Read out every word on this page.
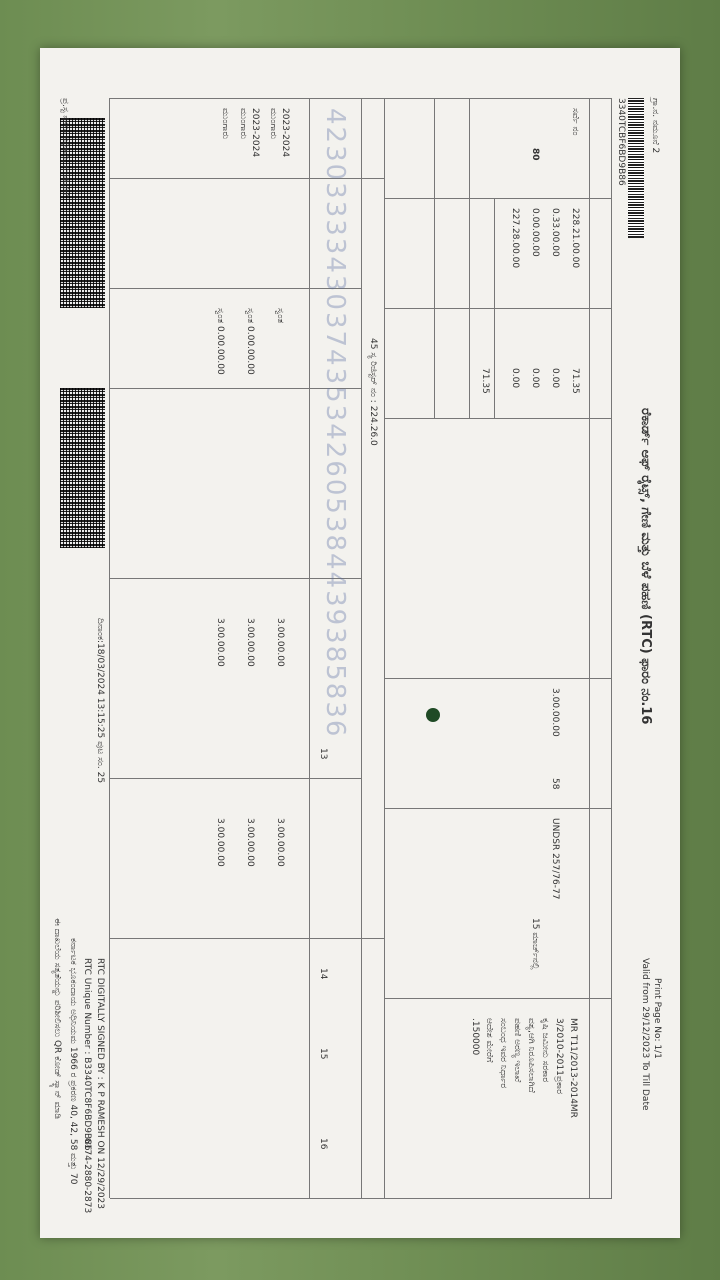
ಗ್ರಾ.ನ. ನಮೂನೆ 2
3340TCBF6BD9B86
ರೆಕಾರ್ಡ್ ಆಫ್ ರೈಟ್ಸ್, ಗೇಣಿ ಮತ್ತು ಬೆಳೆ ಪಹಣಿ (RTC) ಫಾರಂ ನಂ.16
Print Page No: 1/1
Valid from 29/12/2023 To Till Date
ಸರ್ವೆ ನಂ
80
228.21.00.00
0.33.00.00
0.00.00.00
227.28.00.00
71.35
0.00
0.00
0.00
71.35
3.00.00.00
58
UNDSR 257/76-77
15 ಮಾರ್ಚ್‌ನಲ್ಲಿ
MR T11/2013-2014MR
3/2010-2011ಪ್ರಕಾರ
ಕೃಷಿ ಜಮೀನು ಸರಕಾರ
ವಶ್ಯ,ಆಗಿ ನಿರೂಪಿಸಲಾಗಿದೆ
ಪಹಣಿ ಅರಣ್ಯ ಇಲಾಖೆ
ಸಂಬಂಧ ಇವರ ನಿರ್ಧಾರ
ಆದೇಶ ಮೇರೆಗೆ
.150000
45 ಸ್ಯ ರಿಜಿಸ್ಟರ್ ನಂ : 224.26.0
4230333343037435342605384439385836
13
14
15
16
2023-2024
ಮುಂಗಾರು
ಸ್ವಂತ
3.00.00.00
3.00.00.00
2023-2024
ಮುಂಗಾರು
ಸ್ವಂತ 0.00.00.00
3.00.00.00
3.00.00.00
ಮುಂಗಾರು
ಸ್ವಂತ 0.00.00.00
3.00.00.00
3.00.00.00
ದಿನಾಂಕ:18/03/2024 13:15:25 ಪುಟ ಸಂ. 25
RTC DIGITALLY SIGNED BY : K P RAMESH ON 12/29/2023
RTC Unique Number : B3340TC8F6BD9B86
ಕರ್ನಾಟಕ ಭೂಕಂದಾಯ ಅಧಿನಿಯಮ 1966 ರ ಪ್ರಕರಣ 40, 42, 58 ಮತ್ತು 70 6174-2880-2873
ಈ ದಾಖಲೆಯ ಸತ್ಯತೆಯನ್ನು ಪರಿಶೀಲಿಸಲು QR ಕೋಡ್ ಸ್ಕ್ಯಾನ್ ಮಾಡಿ
ಪ್ರ.ಸ್ಟ ನಕಲು ಅಧಿಕಾರಿ, ಗುಂಡಿಬೆಲೆ
